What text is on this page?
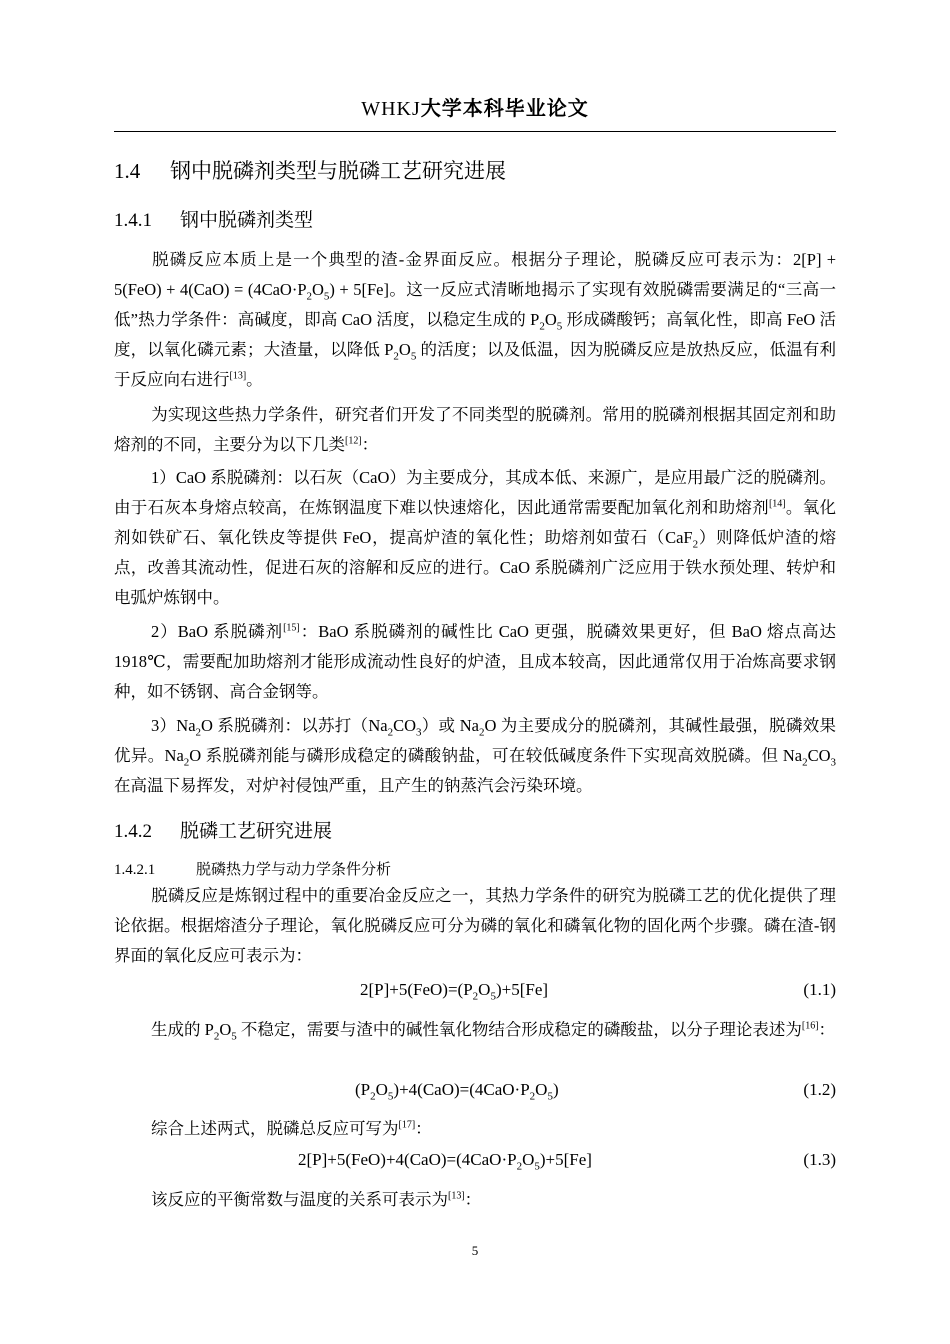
WHKJ大学本科毕业论文
1.4 钢中脱磷剂类型与脱磷工艺研究进展
1.4.1 钢中脱磷剂类型

脱磷反应本质上是一个典型的渣-金界面反应。根据分子理论，脱磷反应可表示为：$2[P] + 5(FeO) + 4(CaO) = (4CaO\cdot P_2O_5) + 5[Fe]$。这一反应式清晰地揭示了实现有效脱磷需要满足的“三高一低”热力学条件：高碱度，即高 CaO 活度，以稳定生成的 $P_2O_5$ 形成磷酸钙；高氧化性，即高 FeO 活度，以氧化磷元素；大渣量，以降低 $P_2O_5$ 的活度；以及低温，因为脱磷反应是放热反应，低温有利于反应向右进行[13]。

为实现这些热力学条件，研究者们开发了不同类型的脱磷剂。常用的脱磷剂根据其固定剂和助熔剂的不同，主要分为以下几类[12]：

1）CaO 系脱磷剂：以石灰（CaO）为主要成分，其成本低、来源广，是应用最广泛的脱磷剂。由于石灰本身熔点较高，在炼钢温度下难以快速熔化，因此通常需要配加氧化剂和助熔剂[14]。氧化剂如铁矿石、氧化铁皮等提供 FeO，提高炉渣的氧化性；助熔剂如萤石（CaF$_2$）则降低炉渣的熔点，改善其流动性，促进石灰的溶解和反应的进行。CaO 系脱磷剂广泛应用于铁水预处理、转炉和电弧炉炼钢中。

2）BaO 系脱磷剂[15]：BaO 系脱磷剂的碱性比 CaO 更强，脱磷效果更好，但 BaO 熔点高达 1918℃，需要配加助熔剂才能形成流动性良好的炉渣，且成本较高，因此通常仅用于冶炼高要求钢种，如不锈钢、高合金钢等。

$3)Na_2O$ 系脱磷剂：以苏打$(Na_2CO_3)$或 $Na_2O$ 为主要成分的脱磷剂，其碱性最强，脱磷效果优异。$Na_2O$ 系脱磷剂能与磷形成稳定的磷酸钠盐，可在较低碱度条件下实现高效脱磷。但 $Na_2CO_3$ 在高温下易挥发，对炉衬侵蚀严重，且产生的钠蒸汽会污染环境。

1.4.2 脱磷工艺研究进展
1.4.2.1	脱磷热力学与动力学条件分析

脱磷反应是炼钢过程中的重要冶金反应之一，其热力学条件的研究为脱磷工艺的优化提供了理论依据。根据熔渣分子理论，氧化脱磷反应可分为磷的氧化和磷氧化物的固化两个步骤。磷在渣-钢界面的氧化反应可表示为：

$2[P]+5(FeO)=(P_2O_5)+5[Fe]$	(1.1)

生成的 $P_2O_5$ 不稳定，需要与渣中的碱性氧化物结合形成稳定的磷酸盐，以分子理论表述为[16]：

$(P_2O_5)+4(CaO)=(4CaO\cdot P_2O_5)$	(1.2)

综合上述两式，脱磷总反应可写为[17]：

$2[P]+5(FeO)+4(CaO)=(4CaO\cdot P_2O_5)+5[Fe]$	(1.3)

该反应的平衡常数与温度的关系可表示为[13]：

5
